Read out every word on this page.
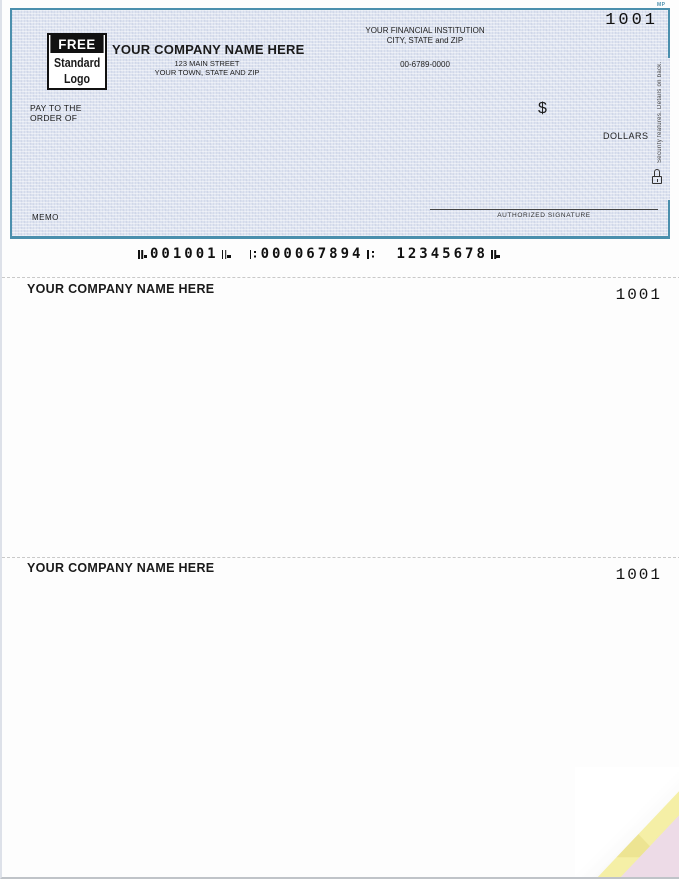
FREE
Standard
Logo
YOUR COMPANY NAME HERE
123 MAIN STREET
YOUR TOWN, STATE AND ZIP
YOUR FINANCIAL INSTITUTION
CITY, STATE and ZIP
00-6789-0000
1001
PAY TO THE
ORDER OF
$
DOLLARS
MEMO	AUTHORIZED SIGNATURE
Security features. Details on back.
MP
001001	000067894 12345678
YOUR COMPANY NAME HERE	1001
YOUR COMPANY NAME HERE	1001
